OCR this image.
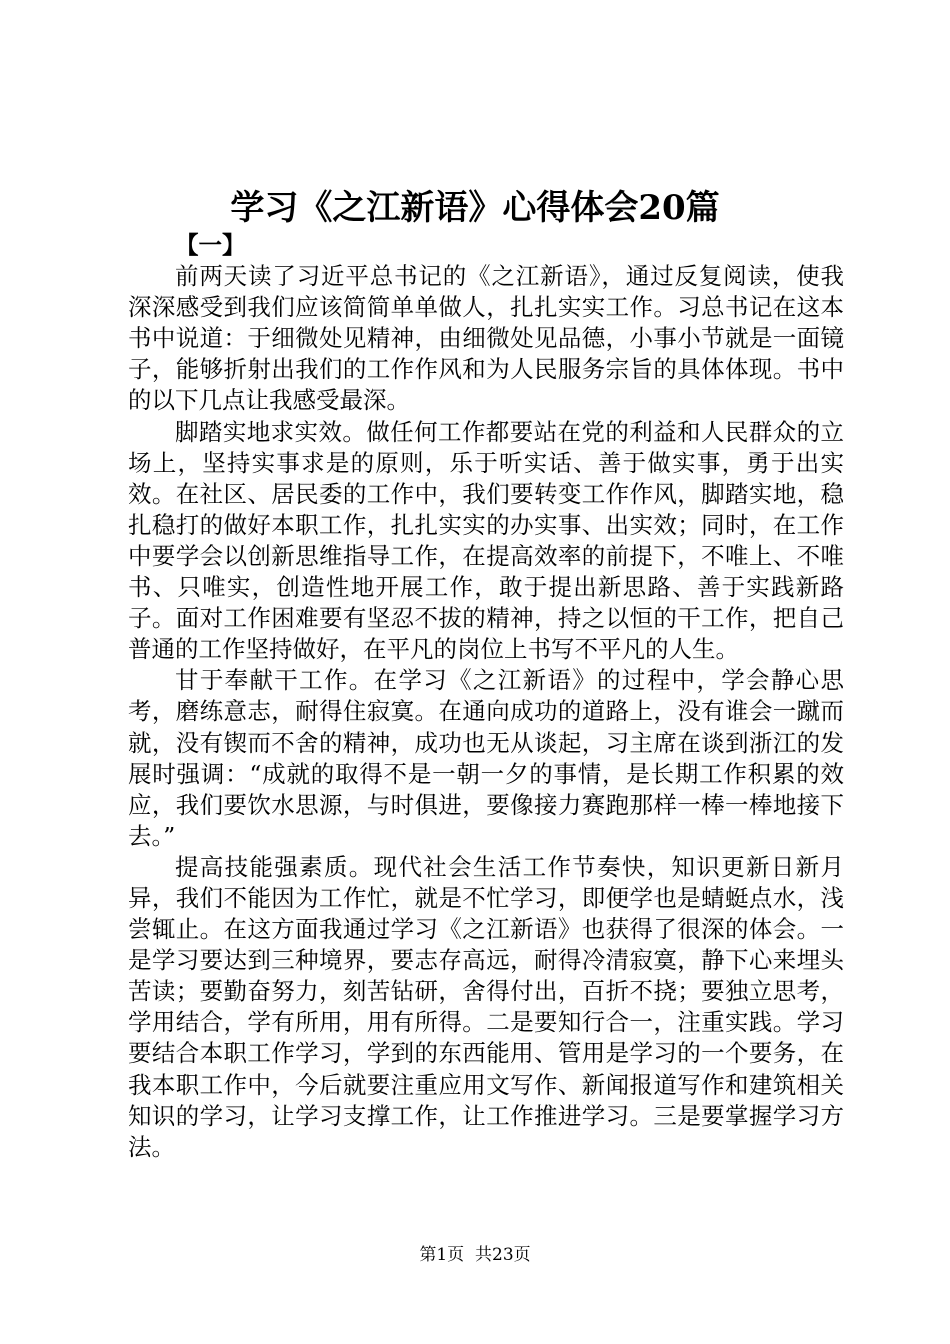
学习《之江新语》心得体会20篇

【一】

前两天读了习近平总书记的《之江新语》，通过反复阅读，使我深深感受到我们应该简简单单做人，扎扎实实工作。习总书记在这本书中说道：于细微处见精神，由细微处见品德，小事小节就是一面镜子，能够折射出我们的工作作风和为人民服务宗旨的具体体现。书中的以下几点让我感受最深。

脚踏实地求实效。做任何工作都要站在党的利益和人民群众的立场上，坚持实事求是的原则，乐于听实话、善于做实事，勇于出实效。在社区、居民委的工作中，我们要转变工作作风，脚踏实地，稳扎稳打的做好本职工作，扎扎实实的办实事、出实效；同时，在工作中要学会以创新思维指导工作，在提高效率的前提下，不唯上、不唯书、只唯实，创造性地开展工作，敢于提出新思路、善于实践新路子。面对工作困难要有坚忍不拔的精神，持之以恒的干工作，把自己普通的工作坚持做好，在平凡的岗位上书写不平凡的人生。

甘于奉献干工作。在学习《之江新语》的过程中，学会静心思考，磨练意志，耐得住寂寞。在通向成功的道路上，没有谁会一蹴而就，没有锲而不舍的精神，成功也无从谈起，习主席在谈到浙江的发展时强调：“成就的取得不是一朝一夕的事情，是长期工作积累的效应，我们要饮水思源，与时俱进，要像接力赛跑那样一棒一棒地接下去。”

提高技能强素质。现代社会生活工作节奏快，知识更新日新月异，我们不能因为工作忙，就是不忙学习，即便学也是蜻蜓点水，浅尝辄止。在这方面我通过学习《之江新语》也获得了很深的体会。一是学习要达到三种境界，要志存高远，耐得冷清寂寞，静下心来埋头苦读；要勤奋努力，刻苦钻研，舍得付出，百折不挠；要独立思考，学用结合，学有所用，用有所得。二是要知行合一，注重实践。学习要结合本职工作学习，学到的东西能用、管用是学习的一个要务，在我本职工作中，今后就要注重应用文写作、新闻报道写作和建筑相关知识的学习，让学习支撑工作，让工作推进学习。三是要掌握学习方法。

第1页 共23页
